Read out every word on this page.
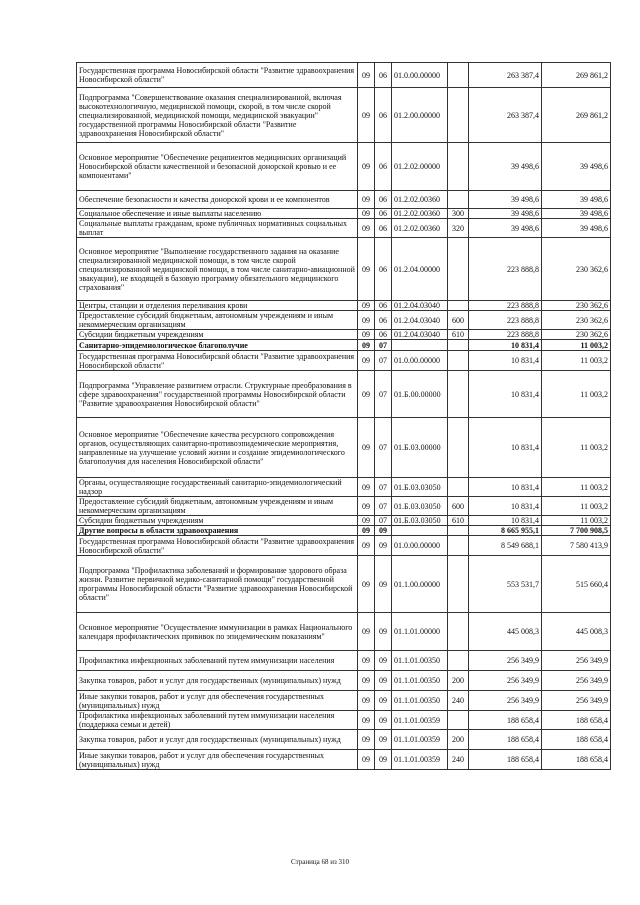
Государственная программа Новосибирской области "Развитие здравоохранения Новосибирской области"	09	06	01.0.00.00000		263 387,4	269 861,2
Подпрограмма "Совершенствование оказания специализированной, включая высокотехнологичную, медицинской помощи, скорой, в том числе скорой специализированной, медицинской помощи, медицинской эвакуации" государственной программы Новосибирской области "Развитие здравоохранения Новосибирской области"	09	06	01.2.00.00000		263 387,4	269 861,2
Основное мероприятие "Обеспечение реципиентов медицинских организаций Новосибирской области качественной и безопасной донорской кровью и ее компонентами"	09	06	01.2.02.00000		39 498,6	39 498,6
Обеспечение безопасности и качества донорской крови и ее компонентов	09	06	01.2.02.00360		39 498,6	39 498,6
Социальное обеспечение и иные выплаты населению	09	06	01.2.02.00360	300	39 498,6	39 498,6
Социальные выплаты гражданам, кроме публичных нормативных социальных выплат	09	06	01.2.02.00360	320	39 498,6	39 498,6
Основное мероприятие "Выполнение государственного задания на оказание специализированной медицинской помощи, в том числе скорой специализированной медицинской помощи, в том числе санитарно-авиационной эвакуации), не входящей в базовую программу обязательного медицинского страхования"	09	06	01.2.04.00000		223 888,8	230 362,6
Центры, станции и отделения переливания крови	09	06	01.2.04.03040		223 888,8	230 362,6
Предоставление субсидий бюджетным, автономным учреждениям и иным некоммерческим организациям	09	06	01.2.04.03040	600	223 888,8	230 362,6
Субсидии бюджетным учреждениям	09	06	01.2.04.03040	610	223 888,8	230 362,6
Санитарно-эпидемиологическое благополучие	09	07			10 831,4	11 003,2
Государственная программа Новосибирской области "Развитие здравоохранения Новосибирской области"	09	07	01.0.00.00000		10 831,4	11 003,2
Подпрограмма "Управление развитием отрасли. Структурные преобразования в сфере здравоохранения" государственной программы Новосибирской области "Развитие здравоохранения Новосибирской области"	09	07	01.Б.00.00000		10 831,4	11 003,2
Основное мероприятие "Обеспечение качества ресурсного сопровождения органов, осуществляющих санитарно-противоэпидемические мероприятия, направленные на улучшение условий жизни и создание эпидемиологического благополучия для населения Новосибирской области"	09	07	01.Б.03.00000		10 831,4	11 003,2
Органы, осуществляющие государственный санитарно-эпидемиологический надзор	09	07	01.Б.03.03050		10 831,4	11 003,2
Предоставление субсидий бюджетным, автономным учреждениям и иным некоммерческим организациям	09	07	01.Б.03.03050	600	10 831,4	11 003,2
Субсидии бюджетным учреждениям	09	07	01.Б.03.03050	610	10 831,4	11 003,2
Другие вопросы в области здравоохранения	09	09			8 665 955,1	7 700 908,5
Государственная программа Новосибирской области "Развитие здравоохранения Новосибирской области"	09	09	01.0.00.00000		8 549 688,1	7 580 413,9
Подпрограмма "Профилактика заболеваний и формирование здорового образа жизни. Развитие первичной медико-санитарной помощи" государственной программы Новосибирской области "Развитие здравоохранения Новосибирской области"	09	09	01.1.00.00000		553 531,7	515 660,4
Основное мероприятие "Осуществление иммунизации в рамках Национального календаря профилактических прививок по эпидемическим показаниям"	09	09	01.1.01.00000		445 008,3	445 008,3
Профилактика инфекционных заболеваний путем иммунизации населения	09	09	01.1.01.00350		256 349,9	256 349,9
Закупка товаров, работ и услуг для государственных (муниципальных) нужд	09	09	01.1.01.00350	200	256 349,9	256 349,9
Иные закупки товаров, работ и услуг для обеспечения государственных (муниципальных) нужд	09	09	01.1.01.00350	240	256 349,9	256 349,9
Профилактика инфекционных заболеваний путем иммунизации населения (поддержка семьи и детей)	09	09	01.1.01.00359		188 658,4	188 658,4
Закупка товаров, работ и услуг для государственных (муниципальных) нужд	09	09	01.1.01.00359	200	188 658,4	188 658,4
Иные закупки товаров, работ и услуг для обеспечения государственных (муниципальных) нужд	09	09	01.1.01.00359	240	188 658,4	188 658,4
Страница 68 из 310
